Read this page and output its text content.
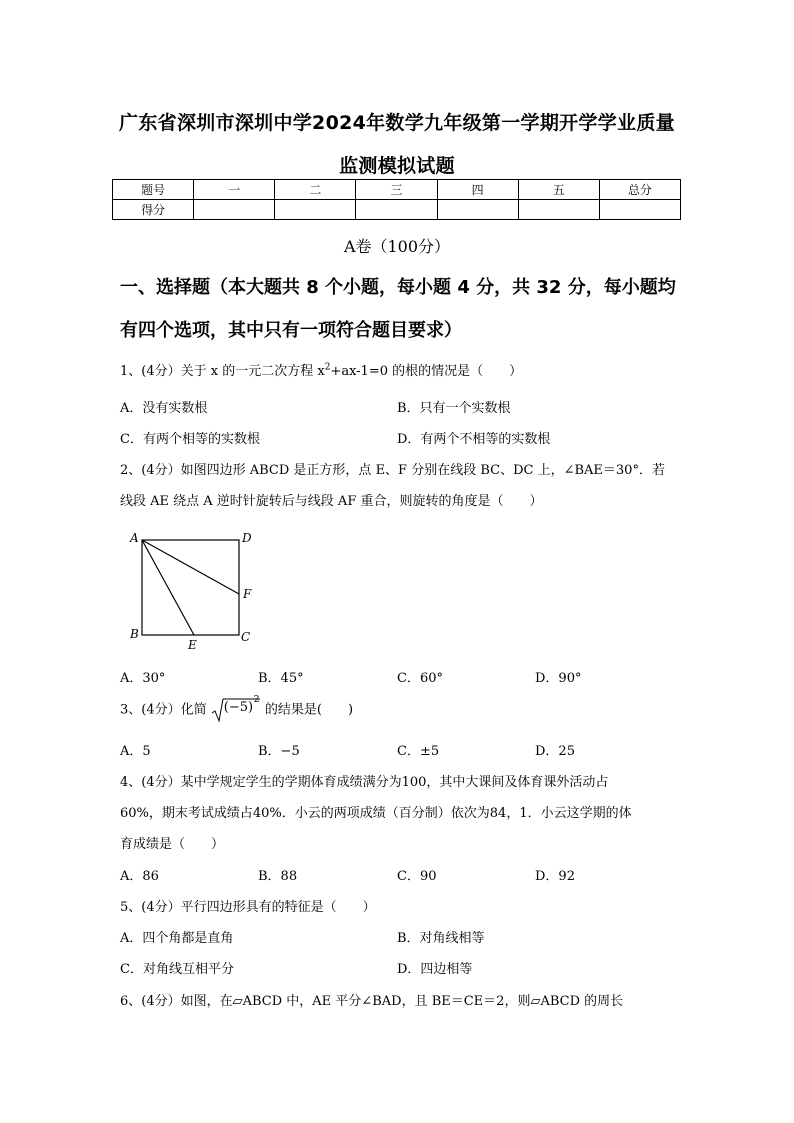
广东省深圳市深圳中学2024年数学九年级第一学期开学学业质量
监测模拟试题
题号	一	二	三	四	五	总分
得分						
A卷（100分）
一、选择题（本大题共 8 个小题，每小题 4 分，共 32 分，每小题均
有四个选项，其中只有一项符合题目要求）
1、(4分）关于 x 的一元二次方程 $x^2+ax-1=0$ 的根的情况是（　　）
A．没有实数根	B．只有一个实数根
C．有两个相等的实数根	D．有两个不相等的实数根
2、(4分）如图四边形 ABCD 是正方形，点 E、F 分别在线段 BC、DC 上，∠BAE＝30°．若
线段 AE 绕点 A 逆时针旋转后与线段 AF 重合，则旋转的角度是（　　）
A	D
F
B
E
C
A．30°	B．45°	C．60°	D．90°
3、(4分）化简 (−5) 2
的结果是(　　)
A．5	B．−5	C．±5	D．25
4、(4分）某中学规定学生的学期体育成绩满分为100，其中大课间及体育课外活动占
60%，期末考试成绩占40%．小云的两项成绩（百分制）依次为84，1．小云这学期的体
育成绩是（　　）
A．86	B．88	C．90	D．92
5、(4分）平行四边形具有的特征是（　　）
A．四个角都是直角	B．对角线相等
C．对角线互相平分	D．四边相等
6、(4分）如图，在▱ABCD 中，AE 平分∠BAD，且 BE＝CE＝2，则▱ABCD 的周长
